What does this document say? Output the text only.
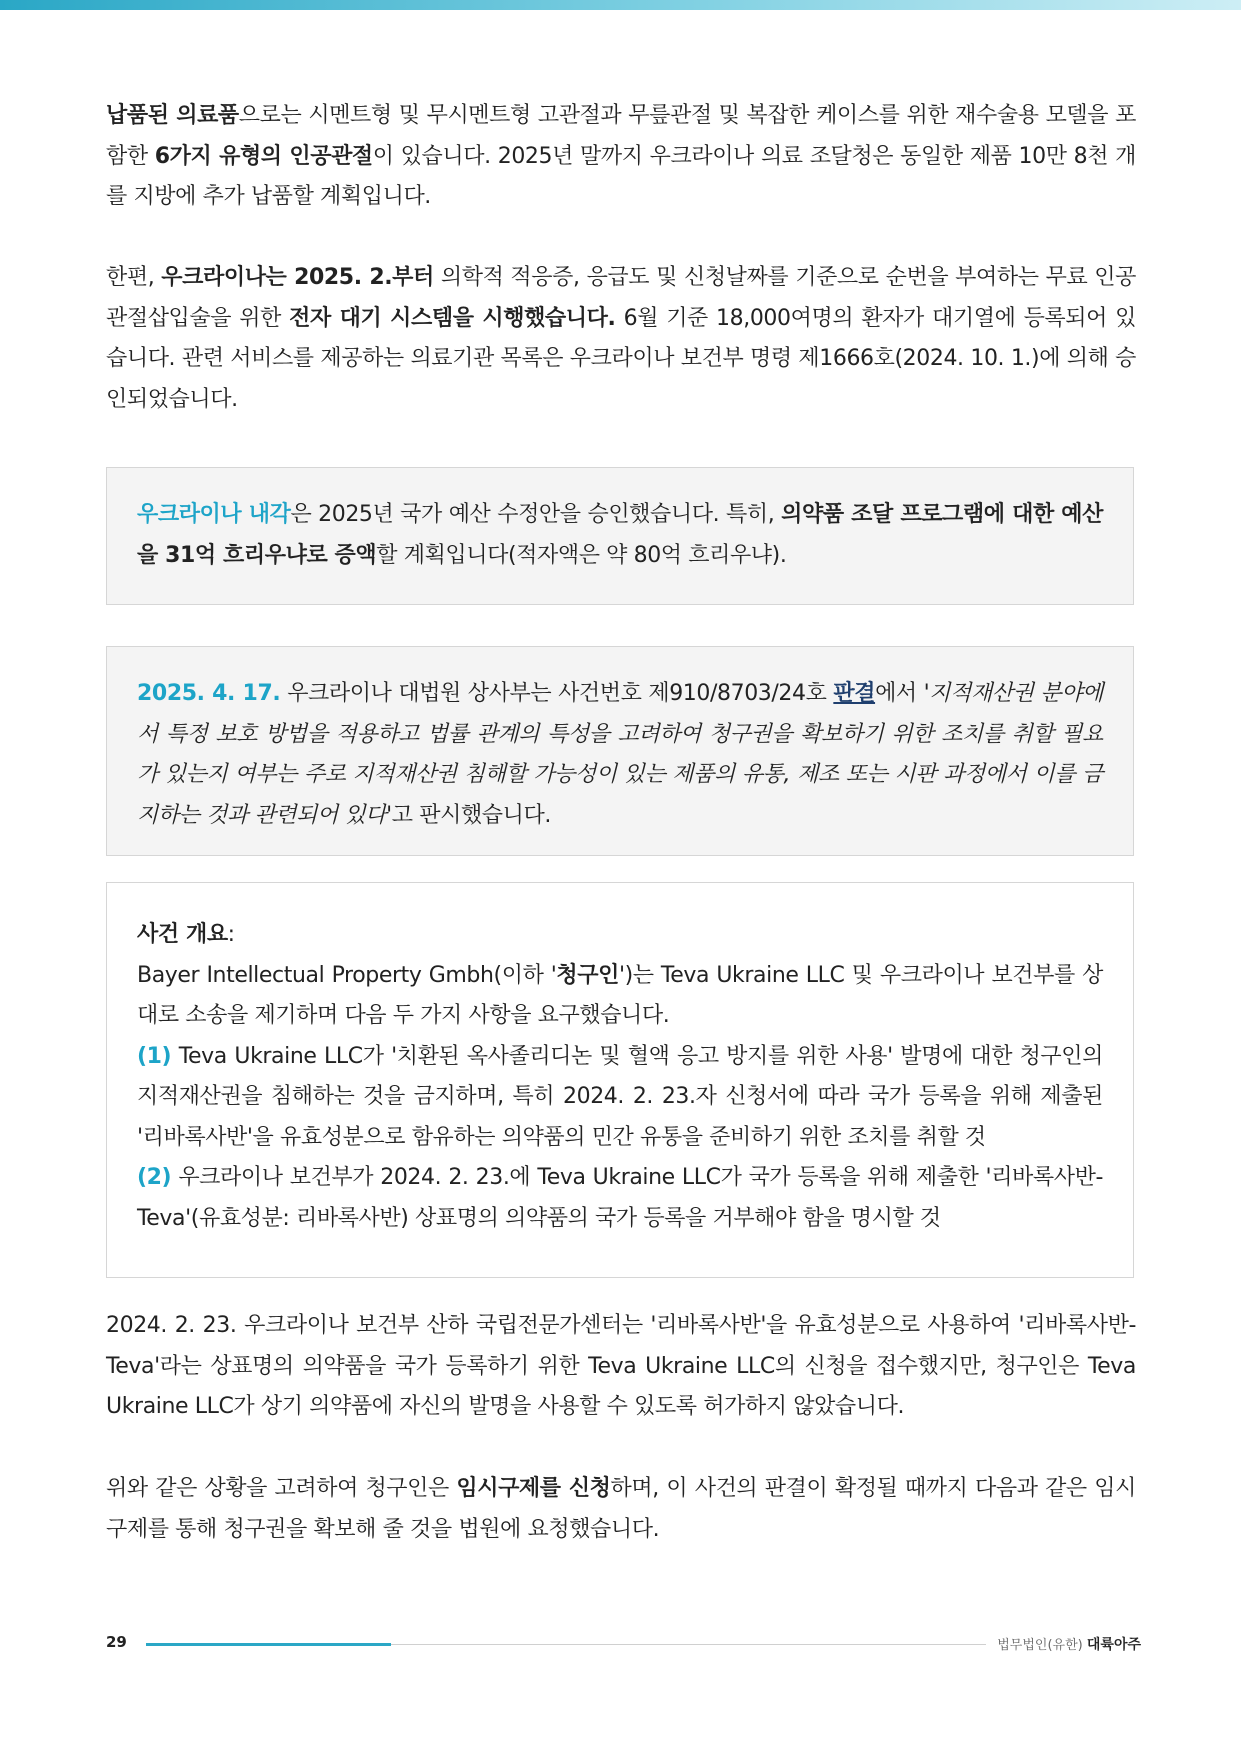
납품된 의료품으로는 시멘트형 및 무시멘트형 고관절과 무릎관절 및 복잡한 케이스를 위한 재수술용 모델을 포함한 6가지 유형의 인공관절이 있습니다. 2025년 말까지 우크라이나 의료 조달청은 동일한 제품 10만 8천 개를 지방에 추가 납품할 계획입니다.

한편, 우크라이나는 2025. 2.부터 의학적 적응증, 응급도 및 신청날짜를 기준으로 순번을 부여하는 무료 인공관절삽입술을 위한 전자 대기 시스템을 시행했습니다. 6월 기준 18,000여명의 환자가 대기열에 등록되어 있습니다. 관련 서비스를 제공하는 의료기관 목록은 우크라이나 보건부 명령 제1666호(2024. 10. 1.)에 의해 승인되었습니다.

우크라이나 내각은 2025년 국가 예산 수정안을 승인했습니다. 특히, 의약품 조달 프로그램에 대한 예산을 31억 흐리우냐로 증액할 계획입니다(적자액은 약 80억 흐리우냐).

2025. 4. 17. 우크라이나 대법원 상사부는 사건번호 제910/8703/24호 판결에서 '지적재산권 분야에서 특정 보호 방법을 적용하고 법률 관계의 특성을 고려하여 청구권을 확보하기 위한 조치를 취할 필요가 있는지 여부는 주로 지적재산권 침해할 가능성이 있는 제품의 유통, 제조 또는 시판 과정에서 이를 금지하는 것과 관련되어 있다'고 판시했습니다.

사건 개요:

Bayer Intellectual Property Gmbh(이하 '청구인')는 Teva Ukraine LLC 및 우크라이나 보건부를 상대로 소송을 제기하며 다음 두 가지 사항을 요구했습니다.

(1) Teva Ukraine LLC가 '치환된 옥사졸리디논 및 혈액 응고 방지를 위한 사용' 발명에 대한 청구인의 지적재산권을 침해하는 것을 금지하며, 특히 2024. 2. 23.자 신청서에 따라 국가 등록을 위해 제출된 '리바록사반'을 유효성분으로 함유하는 의약품의 민간 유통을 준비하기 위한 조치를 취할 것

(2) 우크라이나 보건부가 2024. 2. 23.에 Teva Ukraine LLC가 국가 등록을 위해 제출한 '리바록사반-Teva'(유효성분: 리바록사반) 상표명의 의약품의 국가 등록을 거부해야 함을 명시할 것

2024. 2. 23. 우크라이나 보건부 산하 국립전문가센터는 '리바록사반'을 유효성분으로 사용하여 '리바록사반-Teva'라는 상표명의 의약품을 국가 등록하기 위한 Teva Ukraine LLC의 신청을 접수했지만, 청구인은 Teva Ukraine LLC가 상기 의약품에 자신의 발명을 사용할 수 있도록 허가하지 않았습니다.

위와 같은 상황을 고려하여 청구인은 임시구제를 신청하며, 이 사건의 판결이 확정될 때까지 다음과 같은 임시구제를 통해 청구권을 확보해 줄 것을 법원에 요청했습니다.

29	법무법인(유한) 대륙아주
